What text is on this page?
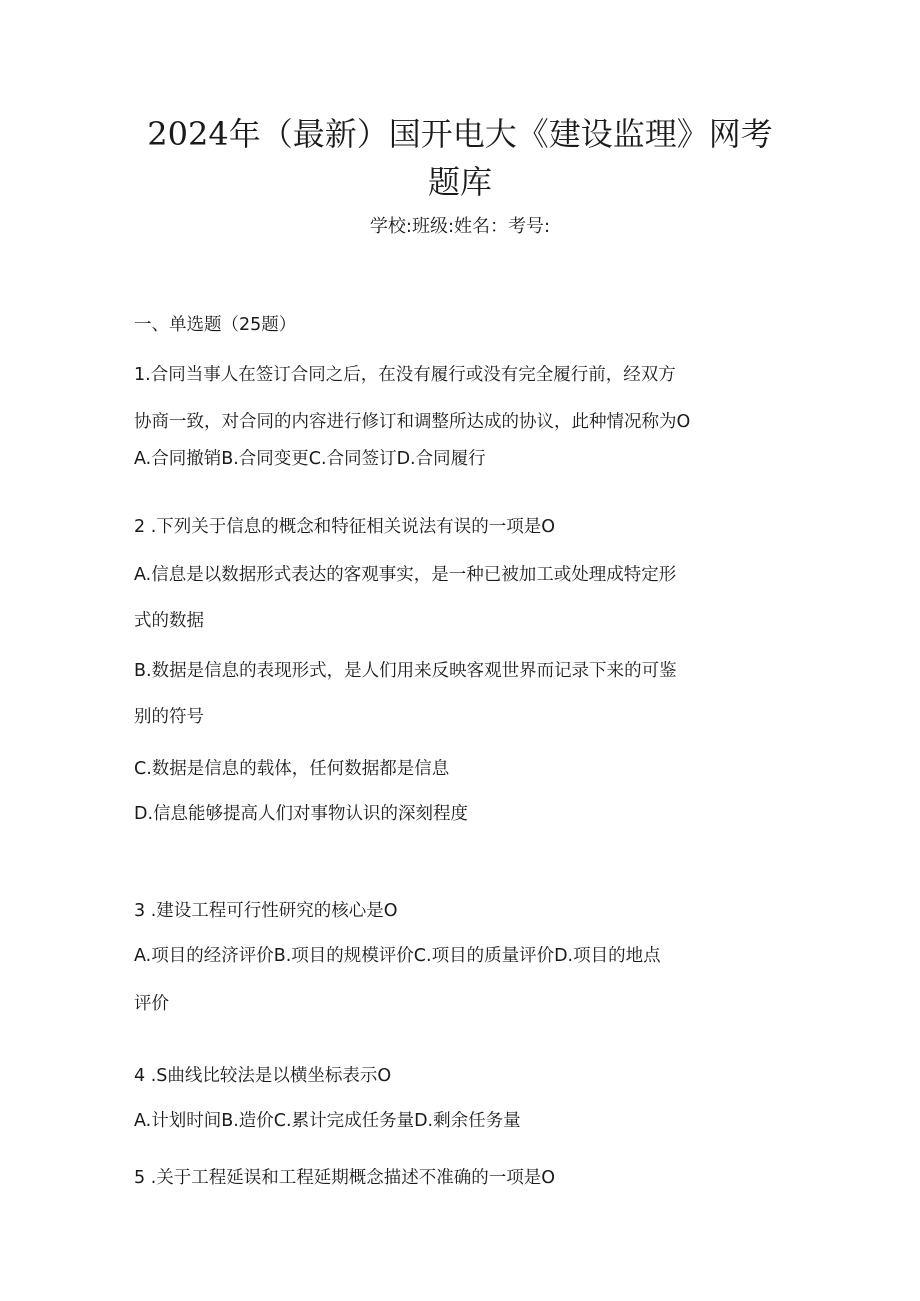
2024年（最新）国开电大《建设监理》网考
题库
学校:班级:姓名：考号:
一、单选题（25题）
1.合同当事人在签订合同之后，在没有履行或没有完全履行前，经双方
协商一致，对合同的内容进行修订和调整所达成的协议，此种情况称为O
A.合同撤销B.合同变更C.合同签订D.合同履行
2 .下列关于信息的概念和特征相关说法有误的一项是O
A.信息是以数据形式表达的客观事实，是一种已被加工或处理成特定形
式的数据
B.数据是信息的表现形式，是人们用来反映客观世界而记录下来的可鉴
别的符号
C.数据是信息的载体，任何数据都是信息
D.信息能够提高人们对事物认识的深刻程度
3 .建设工程可行性研究的核心是O
A.项目的经济评价B.项目的规模评价C.项目的质量评价D.项目的地点
评价
4 .S曲线比较法是以横坐标表示O
A.计划时间B.造价C.累计完成任务量D.剩余任务量
5 .关于工程延误和工程延期概念描述不准确的一项是O
